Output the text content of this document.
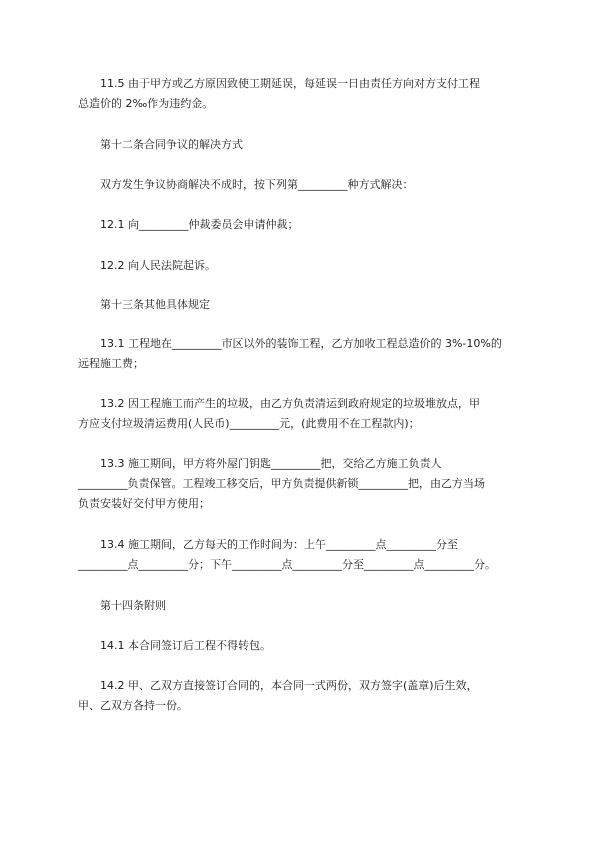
11.5 由于甲方或乙方原因致使工期延误，每延误一日由责任方向对方支付工程
总造价的 2‰作为违约金。

第十二条合同争议的解决方式

双方发生争议协商解决不成时，按下列第_________种方式解决：

12.1 向_________仲裁委员会申请仲裁；

12.2 向人民法院起诉。

第十三条其他具体规定

13.1 工程地在_________市区以外的装饰工程，乙方加收工程总造价的 3%-10%的
远程施工费；

13.2 因工程施工而产生的垃圾，由乙方负责清运到政府规定的垃圾堆放点，甲
方应支付垃圾清运费用(人民币)_________元，(此费用不在工程款内)；

13.3 施工期间，甲方将外屋门钥匙_________把，交给乙方施工负责人
_________负责保管。工程竣工移交后，甲方负责提供新锁_________把，由乙方当场
负责安装好交付甲方使用；

13.4 施工期间，乙方每天的工作时间为：上午_________点_________分至
_________点_________分；下午_________点_________分至_________点_________分。

第十四条附则

14.1 本合同签订后工程不得转包。

14.2 甲、乙双方直接签订合同的，本合同一式两份，双方签字(盖章)后生效，
甲、乙双方各持一份。
